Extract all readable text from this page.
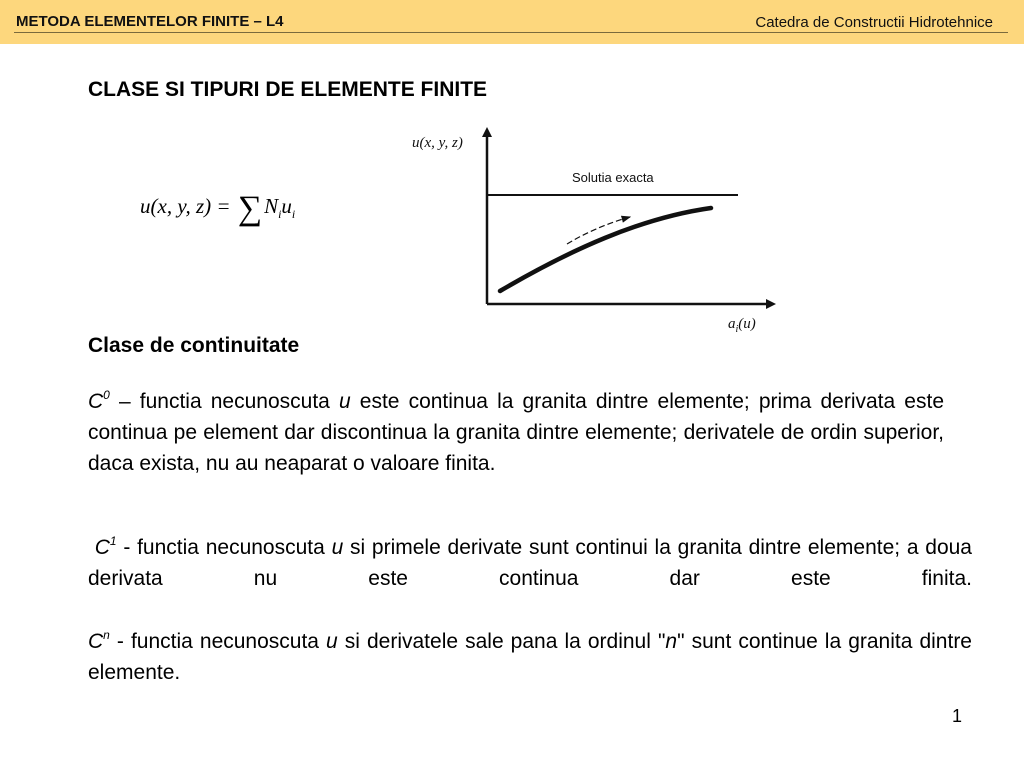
METODA ELEMENTELOR FINITE – L4	Catedra de Constructii Hidrotehnice
CLASE SI TIPURI DE ELEMENTE FINITE
u(x, y, $z) = \sum N_iu_i$
Solutia exacta
u(x, y, z)
$a_i(u)$
Clase de continuitate
$C^0$ – functia necunoscuta u este continua la granita dintre elemente; prima derivata este continua pe element dar discontinua la granita dintre elemente; derivatele de ordin superior, daca exista, nu au neaparat o valoare finita.
$C^1$ - functia necunoscuta u si primele derivate sunt continui la granita dintre elemente; a doua derivata nu este continua dar este finita.
$C^n$ - functia necunoscuta u si derivatele sale pana la ordinul "n" sunt continue la granita dintre elemente.
1
